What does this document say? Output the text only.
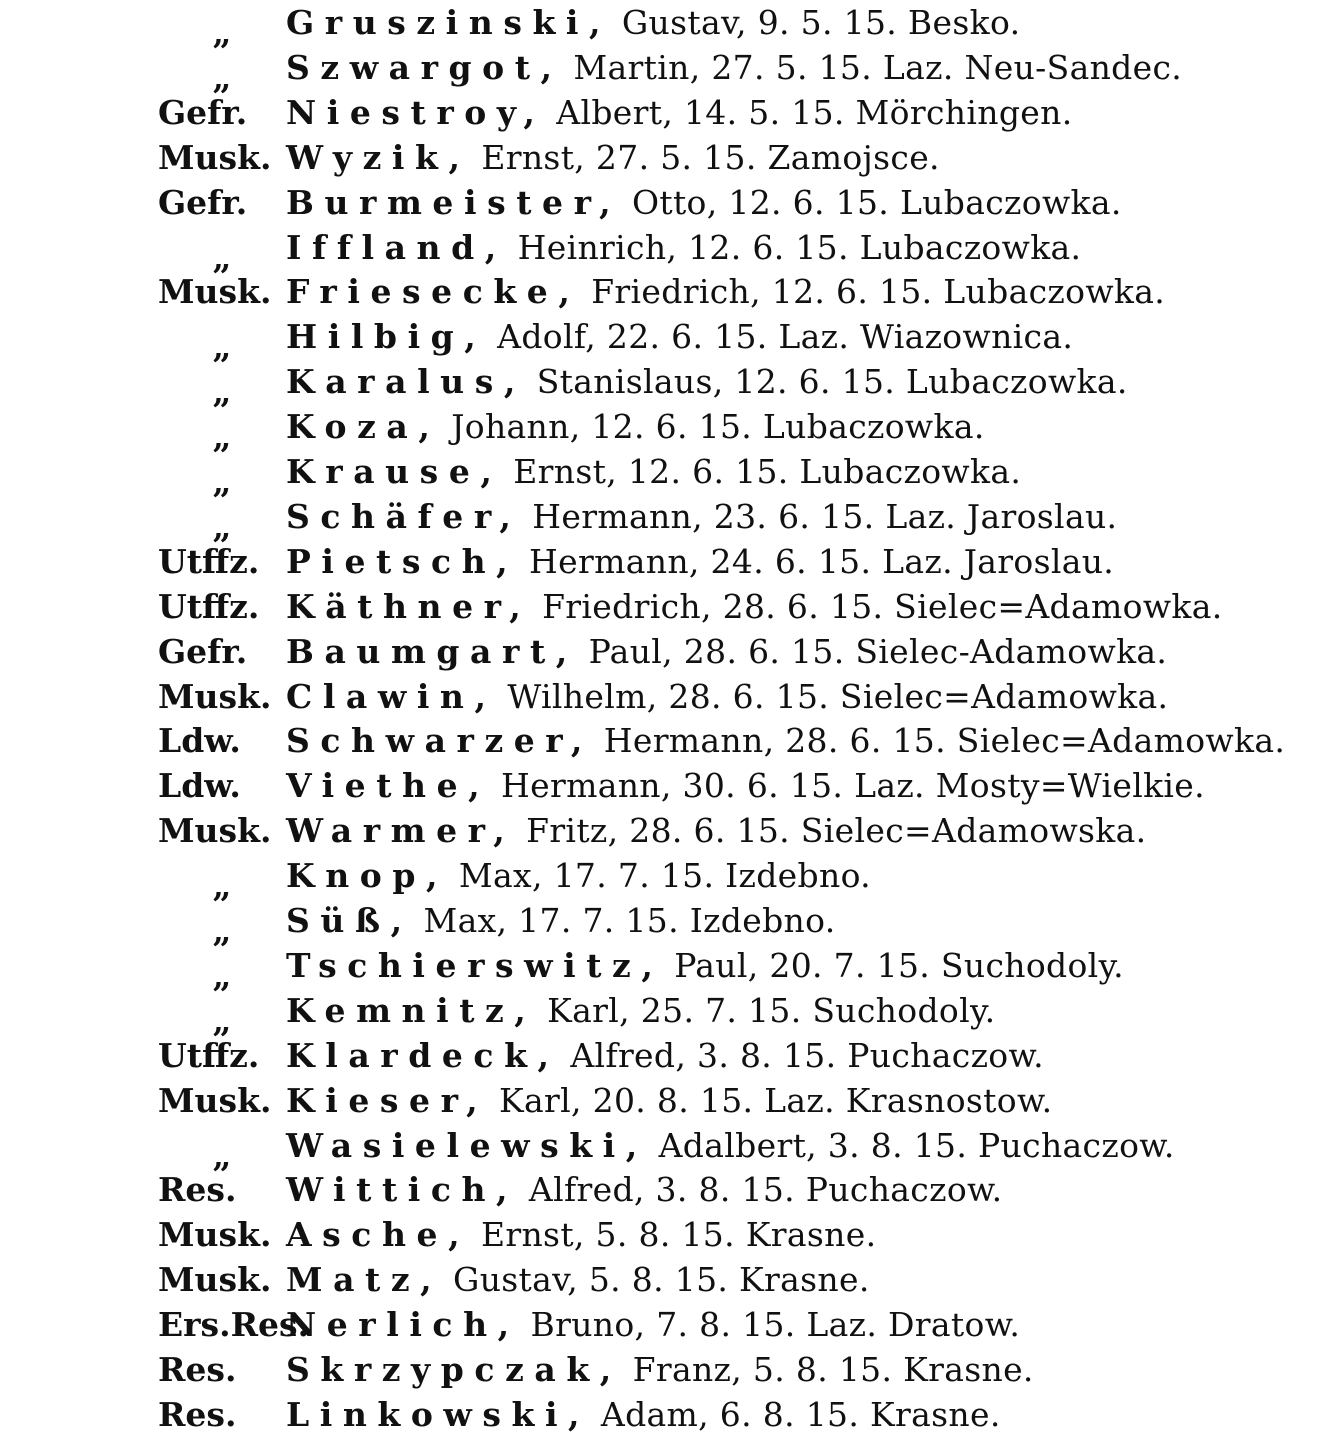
„ Gruszinski, Gustav, 9. 5. 15. Besko.
„ Szwargot, Martin, 27. 5. 15. Laz. Neu-Sandec.
Gefr. Niestroy, Albert, 14. 5. 15. Mörchingen.
Musk. Wyzik, Ernst, 27. 5. 15. Zamojsce.
Gefr. Burmeister, Otto, 12. 6. 15. Lubaczowka.
„ Iffland, Heinrich, 12. 6. 15. Lubaczowka.
Musk. Friesecke, Friedrich, 12. 6. 15. Lubaczowka.
„ Hilbig, Adolf, 22. 6. 15. Laz. Wiazownica.
„ Karalus, Stanislaus, 12. 6. 15. Lubaczowka.
„ Koza, Johann, 12. 6. 15. Lubaczowka.
„ Krause, Ernst, 12. 6. 15. Lubaczowka.
„ Schäfer, Hermann, 23. 6. 15. Laz. Jaroslau.
Utffz. Pietsch, Hermann, 24. 6. 15. Laz. Jaroslau.
Utffz. Käthner, Friedrich, 28. 6. 15. Sielec=Adamowka.
Gefr. Baumgart, Paul, 28. 6. 15. Sielec-Adamowka.
Musk. Clawin, Wilhelm, 28. 6. 15. Sielec=Adamowka.
Ldw. Schwarzer, Hermann, 28. 6. 15. Sielec=Adamowka.
Ldw. Viethe, Hermann, 30. 6. 15. Laz. Mosty=Wielkie.
Musk. Warmer, Fritz, 28. 6. 15. Sielec=Adamowska.
„ Knop, Max, 17. 7. 15. Izdebno.
„ Süß, Max, 17. 7. 15. Izdebno.
„ Tschierswitz, Paul, 20. 7. 15. Suchodoly.
„ Kemnitz, Karl, 25. 7. 15. Suchodoly.
Utffz. Klardeck, Alfred, 3. 8. 15. Puchaczow.
Musk. Kieser, Karl, 20. 8. 15. Laz. Krasnostow.
„ Wasielewski, Adalbert, 3. 8. 15. Puchaczow.
Res. Wittich, Alfred, 3. 8. 15. Puchaczow.
Musk. Asche, Ernst, 5. 8. 15. Krasne.
Musk. Matz, Gustav, 5. 8. 15. Krasne.
Ers.Res.Nerlich, Bruno, 7. 8. 15. Laz. Dratow.
Res. Skrzypczak, Franz, 5. 8. 15. Krasne.
Res. Linkowski, Adam, 6. 8. 15. Krasne.
